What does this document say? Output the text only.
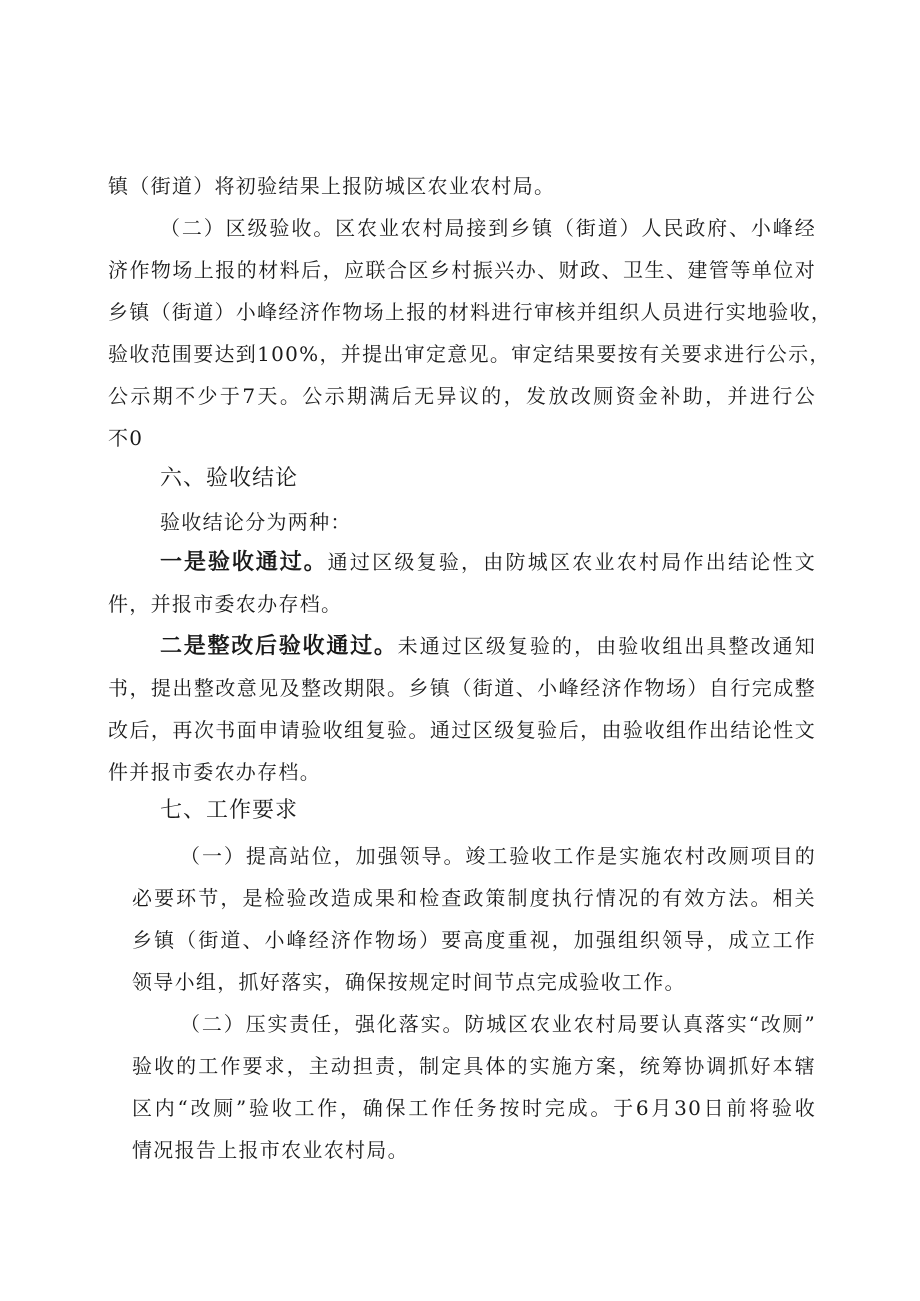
镇（街道）将初验结果上报防城区农业农村局。
（二）区级验收。区农业农村局接到乡镇（街道）人民政府、小峰经
济作物场上报的材料后，应联合区乡村振兴办、财政、卫生、建管等单位对
乡镇（街道）小峰经济作物场上报的材料进行审核并组织人员进行实地验收，
验收范围要达到100%，并提出审定意见。审定结果要按有关要求进行公示，
公示期不少于7天。公示期满后无异议的，发放改厕资金补助，并进行公
不0
六、验收结论
验收结论分为两种：
一是验收通过。通过区级复验，由防城区农业农村局作出结论性文
件，并报市委农办存档。
二是整改后验收通过。未通过区级复验的，由验收组出具整改通知
书，提出整改意见及整改期限。乡镇（街道、小峰经济作物场）自行完成整
改后，再次书面申请验收组复验。通过区级复验后，由验收组作出结论性文
件并报市委农办存档。
七、工作要求
（一）提高站位，加强领导。竣工验收工作是实施农村改厕项目的
必要环节，是检验改造成果和检查政策制度执行情况的有效方法。相关
乡镇（街道、小峰经济作物场）要高度重视，加强组织领导，成立工作
领导小组，抓好落实，确保按规定时间节点完成验收工作。
（二）压实责任，强化落实。防城区农业农村局要认真落实“改厕”
验收的工作要求，主动担责，制定具体的实施方案，统筹协调抓好本辖
区内“改厕”验收工作，确保工作任务按时完成。于6月30日前将验收
情况报告上报市农业农村局。
